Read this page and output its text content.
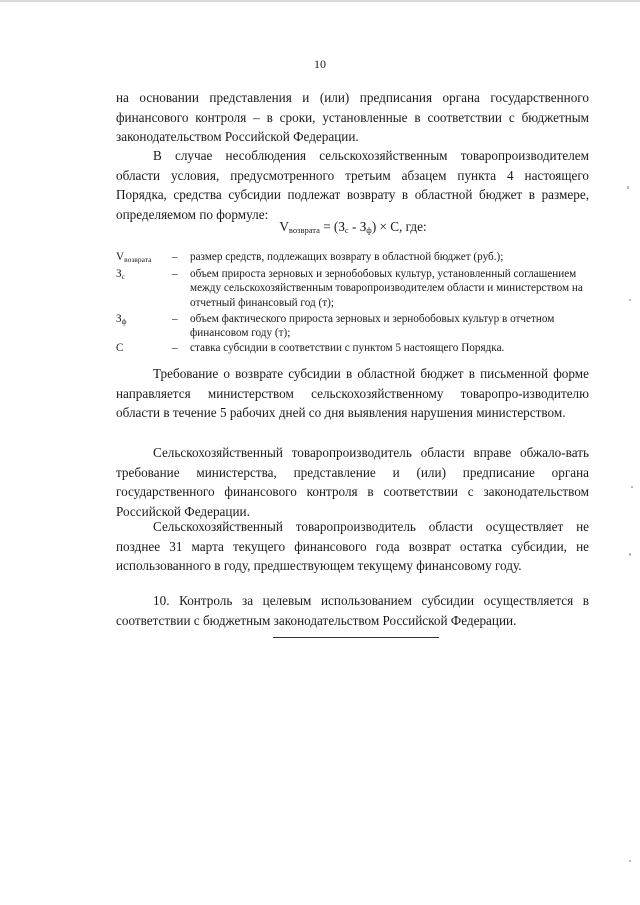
10

на основании представления и (или) предписания органа государственного финансового контроля – в сроки, установленные в соответствии с бюджетным законодательством Российской Федерации.

В случае несоблюдения сельскохозяйственным товаропроизводителем области условия, предусмотренного третьим абзацем пункта 4 настоящего Порядка, средства субсидии подлежат возврату в областной бюджет в размере, определяемом по формуле:

$V_{возврата} = (З_с - З_ф) \times С$, где:
$V_{возврата}$	– размер средств, подлежащих возврату в областной бюджет (руб.);
$З_с$	– объем прироста зерновых и зернобобовых культур, установленный соглашением между сельскохозяйственным товаропроизводителем области и министерством на отчетный финансовый год (т);
$З_ф$	– объем фактического прироста зерновых и зернобобовых культур в отчетном финансовом году (т);
С	– ставка субсидии в соответствии с пунктом 5 настоящего Порядка.

Требование о возврате субсидии в областной бюджет в письменной форме направляется министерством сельскохозяйственному товаропро-изводителю области в течение 5 рабочих дней со дня выявления нарушения министерством.

Сельскохозяйственный товаропроизводитель области вправе обжало-вать требование министерства, представление и (или) предписание органа государственного финансового контроля в соответствии с законодательством Российской Федерации.

Сельскохозяйственный товаропроизводитель области осуществляет не позднее 31 марта текущего финансового года возврат остатка субсидии, не использованного в году, предшествующем текущему финансовому году.

10. Контроль за целевым использованием субсидии осуществляется в соответствии с бюджетным законодательством Российской Федерации.
